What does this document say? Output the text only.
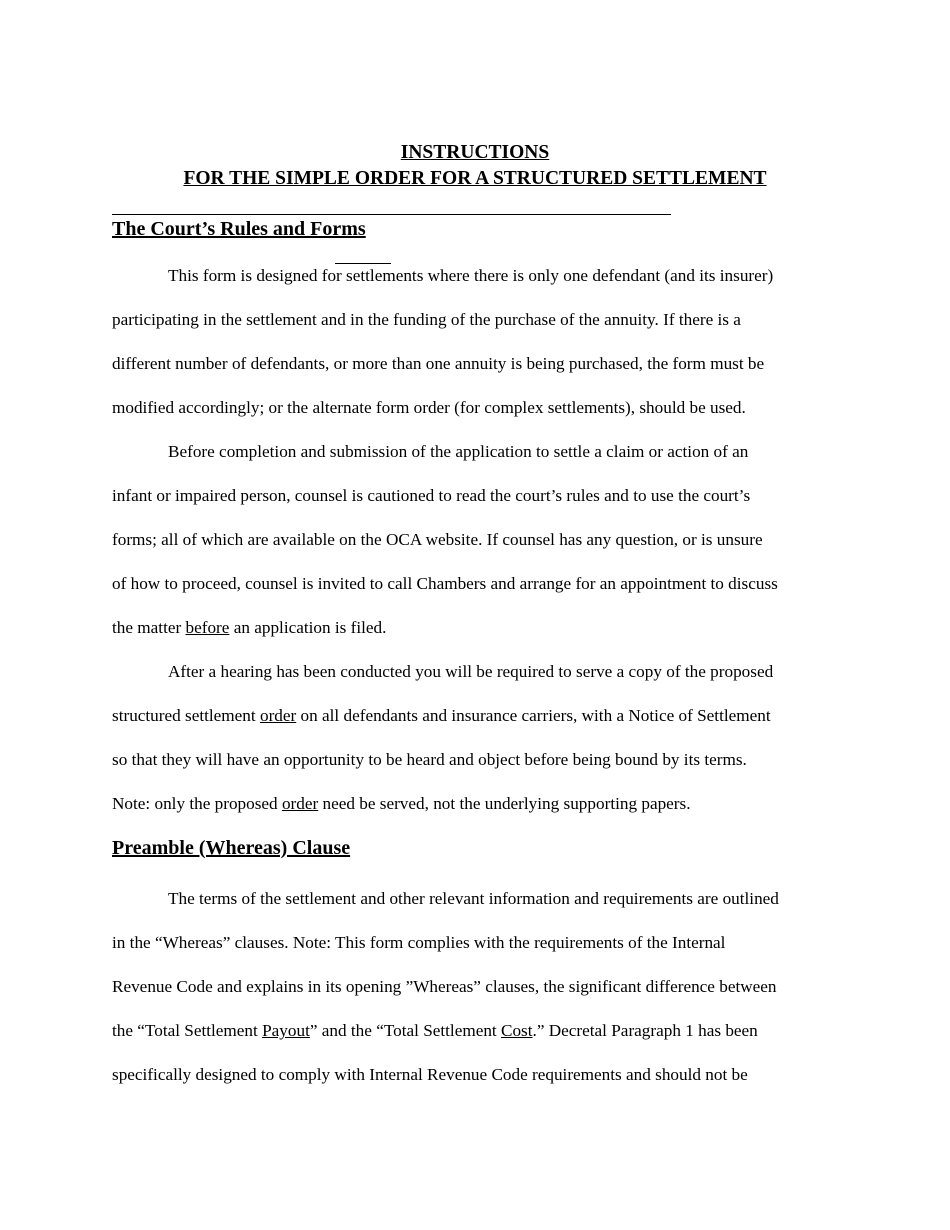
INSTRUCTIONS
FOR THE SIMPLE ORDER FOR A STRUCTURED SETTLEMENT
The Court’s Rules and Forms
This form is designed for settlements where there is only one defendant (and its insurer)
participating in the settlement and in the funding of the purchase of the annuity. If there is a
different number of defendants, or more than one annuity is being purchased, the form must be
modified accordingly; or the alternate form order (for complex settlements), should be used.
Before completion and submission of the application to settle a claim or action of an
infant or impaired person, counsel is cautioned to read the court’s rules and to use the court’s
forms; all of which are available on the OCA website. If counsel has any question, or is unsure
of how to proceed, counsel is invited to call Chambers and arrange for an appointment to discuss
the matter before an application is filed.
After a hearing has been conducted you will be required to serve a copy of the proposed
structured settlement order on all defendants and insurance carriers, with a Notice of Settlement
so that they will have an opportunity to be heard and object before being bound by its terms.
Note: only the proposed order need be served, not the underlying supporting papers.
Preamble (Whereas) Clause
The terms of the settlement and other relevant information and requirements are outlined
in the “Whereas” clauses. Note: This form complies with the requirements of the Internal
Revenue Code and explains in its opening ”Whereas” clauses, the significant difference between
the “Total Settlement Payout” and the “Total Settlement Cost.” Decretal Paragraph 1 has been
specifically designed to comply with Internal Revenue Code requirements and should not be
